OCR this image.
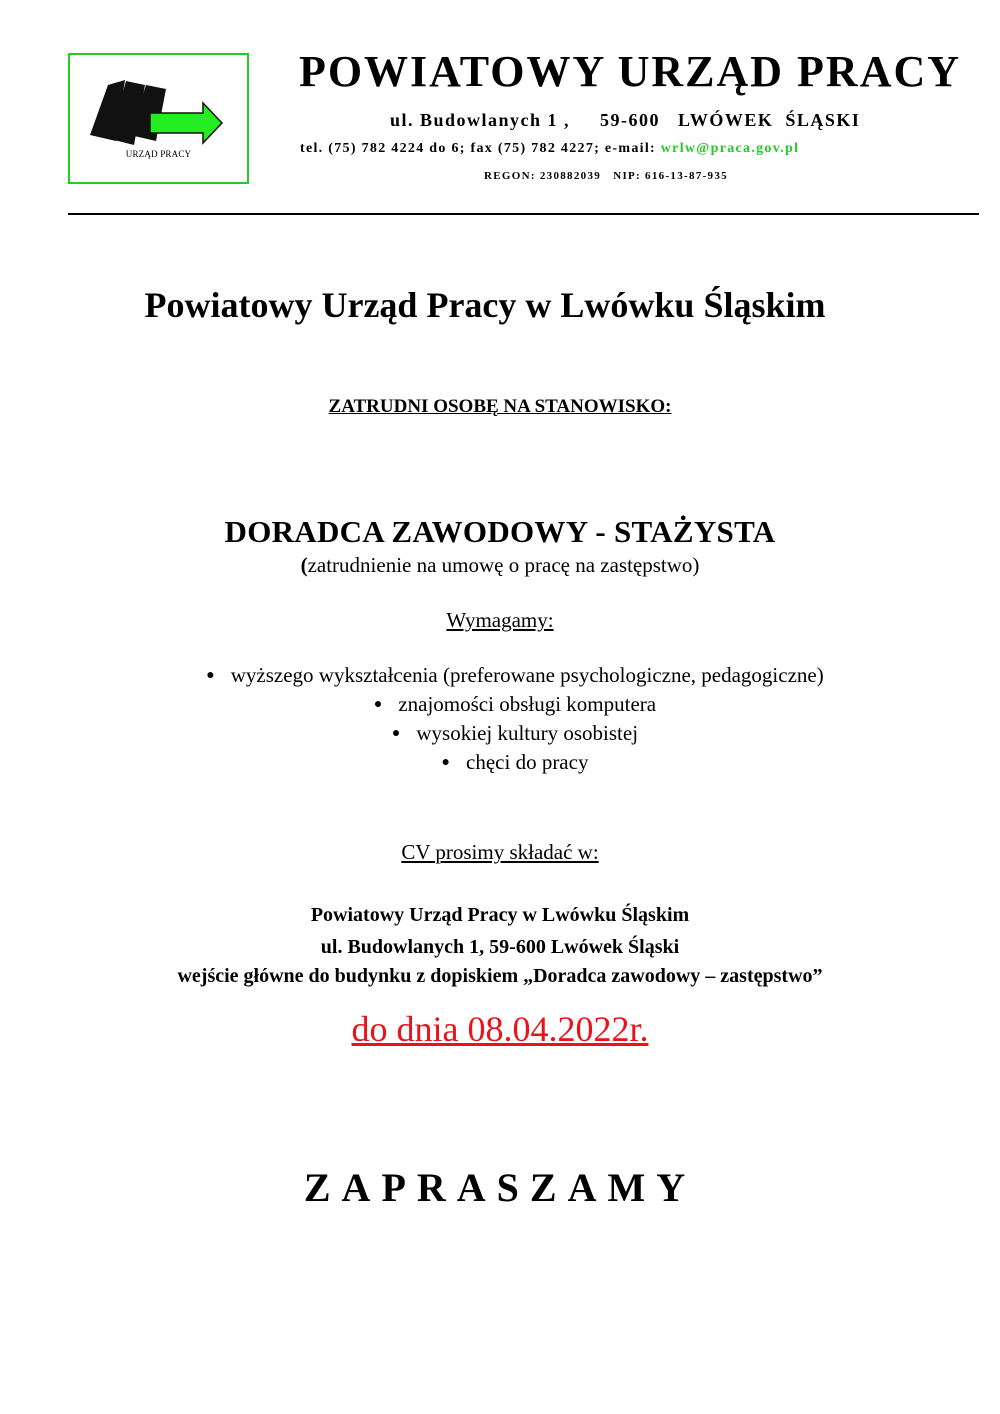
URZĄD PRACY
POWIATOWY URZĄD PRACY
ul. Budowlanych 1 ,     59-600   LWÓWEK  ŚLĄSKI
tel. (75) 782 4224 do 6; fax (75) 782 4227; e-mail: wrlw@praca.gov.pl
REGON: 230882039   NIP: 616-13-87-935
Powiatowy Urząd Pracy w Lwówku Śląskim
ZATRUDNI OSOBĘ NA STANOWISKO:
DORADCA ZAWODOWY - STAŻYSTA
(zatrudnienie na umowę o pracę na zastępstwo)
Wymagamy:
● wyższego wykształcenia (preferowane psychologiczne, pedagogiczne)
● znajomości obsługi komputera
● wysokiej kultury osobistej
● chęci do pracy
CV prosimy składać w:
Powiatowy Urząd Pracy w Lwówku Śląskim
ul. Budowlanych 1, 59-600 Lwówek Śląski
wejście główne do budynku z dopiskiem „Doradca zawodowy – zastępstwo”
do dnia 08.04.2022r.
ZAPRASZAMY
